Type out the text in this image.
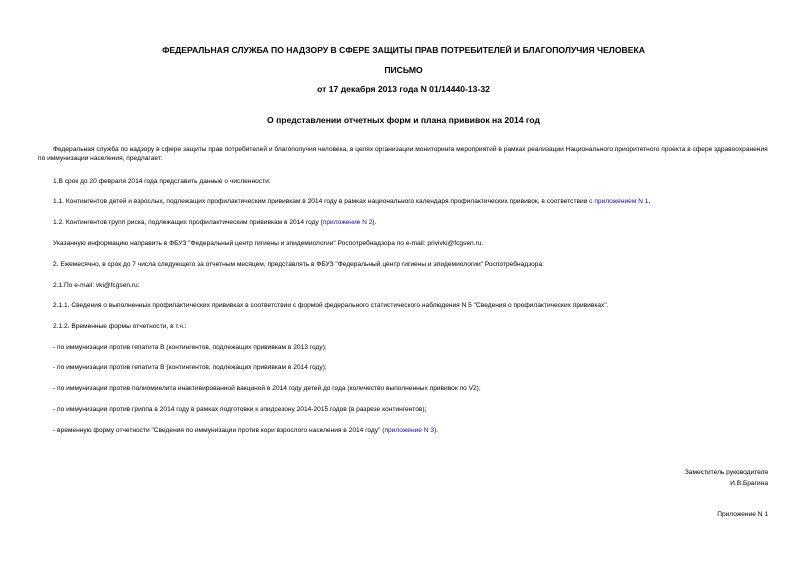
ФЕДЕРАЛЬНАЯ СЛУЖБА ПО НАДЗОРУ В СФЕРЕ ЗАЩИТЫ ПРАВ ПОТРЕБИТЕЛЕЙ И БЛАГОПОЛУЧИЯ ЧЕЛОВЕКА
ПИСЬМО
от 17 декабря 2013 года N 01/14440-13-32
О представлении отчетных форм и плана прививок на 2014 год
Федеральная служба по надзору в сфере защиты прав потребителей и благополучия человека, в целях организации мониторинга мероприятий в рамках реализации Национального приоритетного проекта в сфере здравоохранения по иммунизации населения, предлагает:
1.В срок до 20 февраля 2014 года представить данные о численности:
1.1. Контингентов детей и взрослых, подлежащих профилактическим прививкам в 2014 году в рамках национального календаря профилактических прививок, в соответствии с приложением N 1.
1.2. Контингентов групп риска, подлежащих профилактическим прививкам в 2014 году (приложение N 2).
Указанную информацию направить в ФБУЗ "Федеральный центр гигиены и эпидемиологии" Роспотребнадзора по e-mail: privivki@fcgsen.ru.
2. Ежемесячно, в срок до 7 числа следующего за отчетным месяцем, представлять в ФБУЗ "Федеральный центр гигиены и эпидемиологии" Роспотребнадзора:
2.1.По e-mail: vki@fcgsen.ru:
2.1.1. Сведения о выполненных профилактических прививках в соответствии с формой федерального статистического наблюдения N 5 "Сведения о профилактических прививках".
2.1.2. Временные формы отчетности, в т.ч.:
- по иммунизации против гепатита В (контингентов, подлежащих прививкам в 2013 году);
- по иммунизации против гепатита В (контингентов, подлежащих прививкам в 2014 году);
- по иммунизации против полиомиелита инактивированной вакциной в 2014 году детей до года (количество выполненных прививок по V2);
- по иммунизации против гриппа в 2014 году в рамках подготовки к эпидсезону 2014-2015 годов (в разрезе контингентов);
- временную форму отчетности "Сведения по иммунизации против кори взрослого населения в 2014 году" (приложение N 3).
Заместитель руководителя
И.В.Брагина
Приложение N 1
